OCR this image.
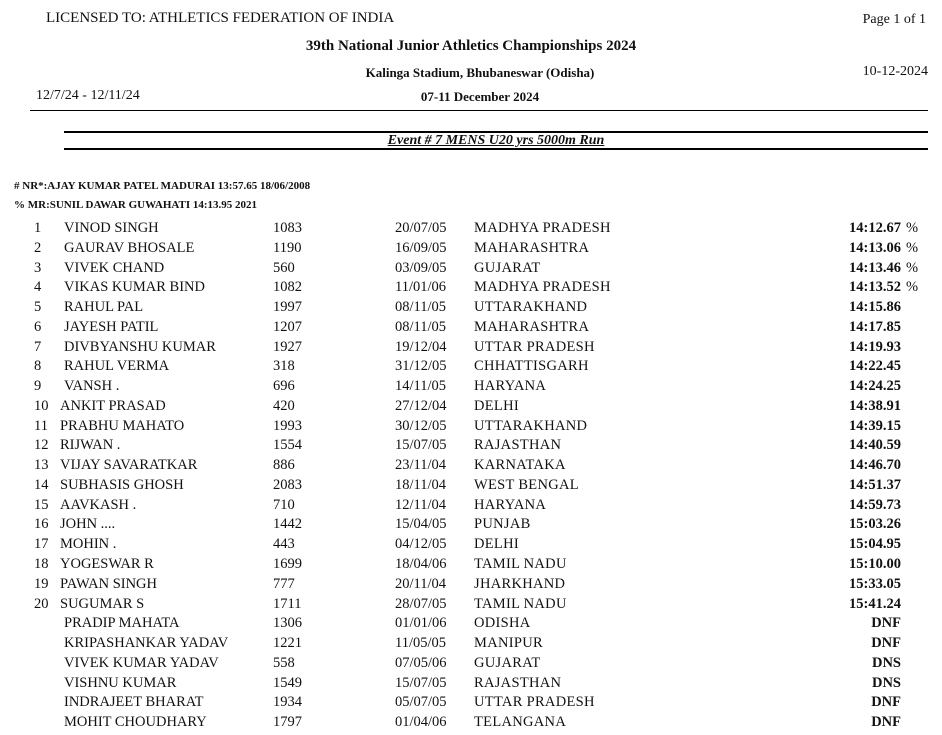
LICENSED TO: ATHLETICS FEDERATION OF INDIA	Page 1 of 1
39th National Junior Athletics Championships 2024
Kalinga Stadium, Bhubaneswar (Odisha)	10-12-2024
12/7/24 - 12/11/24	07-11 December 2024
Event # 7 MENS U20 yrs 5000m Run
# NR*:AJAY KUMAR PATEL MADURAI 13:57.65 18/06/2008
% MR:SUNIL DAWAR GUWAHATI 14:13.95 2021
1 VINOD SINGH	1083	20/07/05 MADHYA PRADESH	14:12.67 %
2 GAURAV BHOSALE	1190	16/09/05 MAHARASHTRA	14:13.06 %
3 VIVEK CHAND	560	03/09/05 GUJARAT	14:13.46 %
4 VIKAS KUMAR BIND	1082	11/01/06 MADHYA PRADESH	14:13.52 %
5 RAHUL PAL	1997	08/11/05 UTTARAKHAND	14:15.86
6 JAYESH PATIL	1207	08/11/05 MAHARASHTRA	14:17.85
7 DIVBYANSHU KUMAR	1927	19/12/04 UTTAR PRADESH	14:19.93
8 RAHUL VERMA	318	31/12/05 CHHATTISGARH	14:22.45
9 VANSH .	696	14/11/05 HARYANA	14:24.25
10 ANKIT PRASAD	420	27/12/04 DELHI	14:38.91
11 PRABHU MAHATO	1993	30/12/05 UTTARAKHAND	14:39.15
12 RIJWAN .	1554	15/07/05 RAJASTHAN	14:40.59
13 VIJAY SAVARATKAR	886	23/11/04 KARNATAKA	14:46.70
14 SUBHASIS GHOSH	2083	18/11/04 WEST BENGAL	14:51.37
15 AAVKASH .	710	12/11/04 HARYANA	14:59.73
16 JOHN ....	1442	15/04/05 PUNJAB	15:03.26
17 MOHIN .	443	04/12/05 DELHI	15:04.95
18 YOGESWAR R	1699	18/04/06 TAMIL NADU	15:10.00
19 PAWAN SINGH	777	20/11/04 JHARKHAND	15:33.05
20 SUGUMAR S	1711	28/07/05 TAMIL NADU	15:41.24
PRADIP MAHATA	1306	01/01/06 ODISHA	DNF
KRIPASHANKAR YADAV	1221	11/05/05 MANIPUR	DNF
VIVEK KUMAR YADAV	558	07/05/06 GUJARAT	DNS
VISHNU KUMAR	1549	15/07/05 RAJASTHAN	DNS
INDRAJEET BHARAT	1934	05/07/05 UTTAR PRADESH	DNF
MOHIT CHOUDHARY	1797	01/04/06 TELANGANA	DNF
